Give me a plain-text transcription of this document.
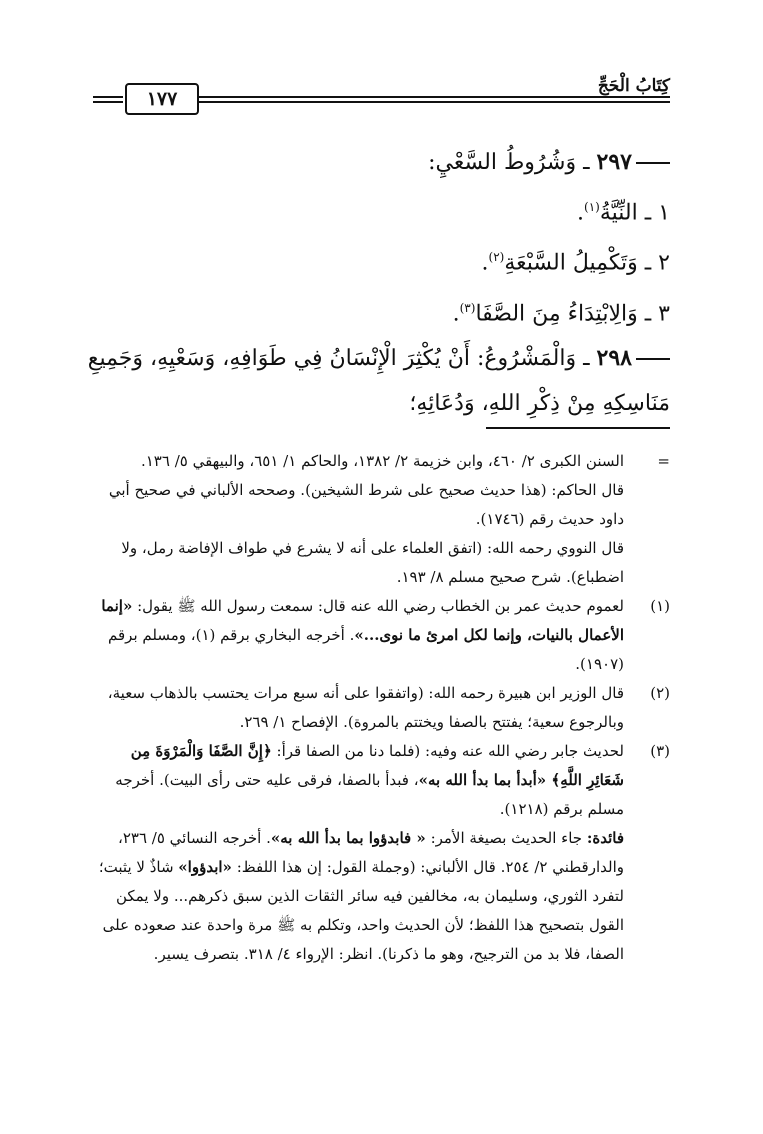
كِتَابُ الْحَجِّ
١٧٧
٢٩٧ ـ وَشُرُوطُ السَّعْيِ:
١ ـ النِّيَّةُ$^{(١)}$.
٢ ـ وَتَكْمِيلُ السَّبْعَةِ$^{(٢)}$.
٣ ـ وَالِابْتِدَاءُ مِنَ الصَّفَا$^{(٣)}$.
٢٩٨ ـ وَالْمَشْرُوعُ: أَنْ يُكْثِرَ الْإِنْسَانُ فِي طَوَافِهِ، وَسَعْيِهِ، وَجَمِيعِ
مَنَاسِكِهِ مِنْ ذِكْرِ اللهِ، وَدُعَائِهِ؛
=
السنن الكبرى ٢/ ٤٦٠، وابن خزيمة ٢/ ١٣٨٢، والحاكم ١/ ٦٥١، والبيهقي ٥/ ١٣٦.
قال الحاكم: (هذا حديث صحيح على شرط الشيخين). وصححه الألباني في صحيح أبي داود حديث رقم (١٧٤٦).
قال النووي رحمه الله: (اتفق العلماء على أنه لا يشرع في طواف الإفاضة رمل، ولا اضطباع). شرح صحيح مسلم ٨/ ١٩٣.
(١)
لعموم حديث عمر بن الخطاب رضي الله عنه قال: سمعت رسول الله ﷺ يقول: «إنما الأعمال بالنيات، وإنما لكل امرئ ما نوى...». أخرجه البخاري برقم (١)، ومسلم برقم (١٩٠٧).
(٢)
قال الوزير ابن هبيرة رحمه الله: (واتفقوا على أنه سبع مرات يحتسب بالذهاب سعية، وبالرجوع سعية؛ يفتتح بالصفا ويختتم بالمروة). الإفصاح ١/ ٢٦٩.
(٣)
لحديث جابر رضي الله عنه وفيه: (فلما دنا من الصفا قرأ: ﴿إِنَّ الصَّفَا وَالْمَرْوَةَ مِن شَعَائِرِ اللَّهِ﴾ «أبدأ بما بدأ الله به»، فبدأ بالصفا، فرقى عليه حتى رأى البيت). أخرجه مسلم برقم (١٢١٨).
فائدة: جاء الحديث بصيغة الأمر: « فابدؤوا بما بدأ الله به». أخرجه النسائي ٥/ ٢٣٦، والدارقطني ٢/ ٢٥٤. قال الألباني: (وجملة القول: إن هذا اللفظ: «ابدؤوا» شاذٌ لا يثبت؛ لتفرد الثوري، وسليمان به، مخالفين فيه سائر الثقات الذين سبق ذكرهم... ولا يمكن القول بتصحيح هذا اللفظ؛ لأن الحديث واحد، وتكلم به ﷺ مرة واحدة عند صعوده على الصفا، فلا بد من الترجيح، وهو ما ذكرنا). انظر: الإرواء ٤/ ٣١٨. بتصرف يسير.
